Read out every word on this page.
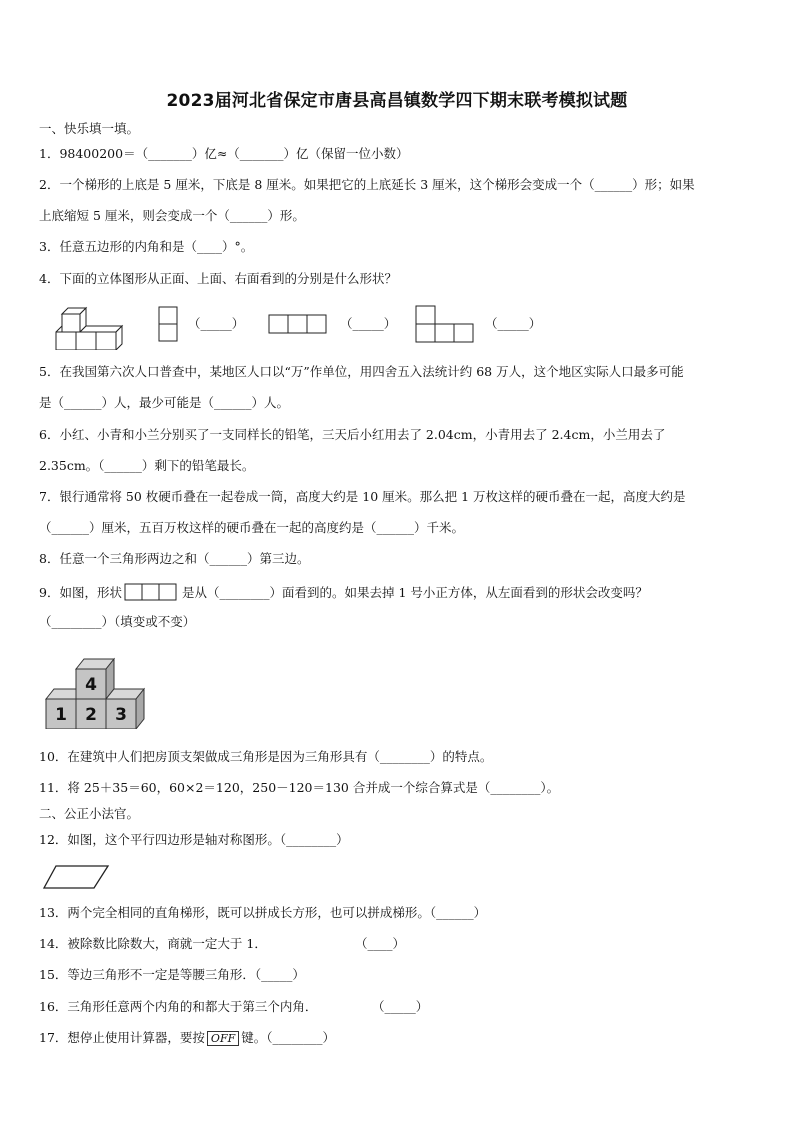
2023届河北省保定市唐县高昌镇数学四下期末联考模拟试题
一、快乐填一填。
1．98400200＝（_______）亿≈（_______）亿（保留一位小数）
2．一个梯形的上底是 5 厘米，下底是 8 厘米。如果把它的上底延长 3 厘米，这个梯形会变成一个（______）形；如果
上底缩短 5 厘米，则会变成一个（______）形。
3．任意五边形的内角和是（____）°。
4．下面的立体图形从正面、上面、右面看到的分别是什么形状？
（_____）	（_____）	（_____）
5．在我国第六次人口普查中，某地区人口以“万”作单位，用四舍五入法统计约 68 万人，这个地区实际人口最多可能
是（______）人，最少可能是（______）人。
6．小红、小青和小兰分别买了一支同样长的铅笔，三天后小红用去了 2.04cm，小青用去了 2.4cm，小兰用去了
2.35cm。（______）剩下的铅笔最长。
7．银行通常将 50 枚硬币叠在一起卷成一筒，高度大约是 10 厘米。那么把 1 万枚这样的硬币叠在一起，高度大约是
（______）厘米，五百万枚这样的硬币叠在一起的高度约是（______）千米。
8．任意一个三角形两边之和（______）第三边。
9．如图，形状	是从（________）面看到的。如果去掉 1 号小正方体，从左面看到的形状会改变吗？
（________）（填变或不变）
1 2 3
4
10．在建筑中人们把房顶支架做成三角形是因为三角形具有（________）的特点。
11．将 25＋35＝60，60×2＝120，250－120＝130 合并成一个综合算式是（________）。
二、公正小法官。
12．如图，这个平行四边形是轴对称图形。（________）
13．两个完全相同的直角梯形，既可以拼成长方形，也可以拼成梯形。（______）
14．被除数比除数大，商就一定大于 1．	（____）
15．等边三角形不一定是等腰三角形．（_____）
16．三角形任意两个内角的和都大于第三个内角．	（_____）
17．想停止使用计算器，要按 OFF 键。（________）
